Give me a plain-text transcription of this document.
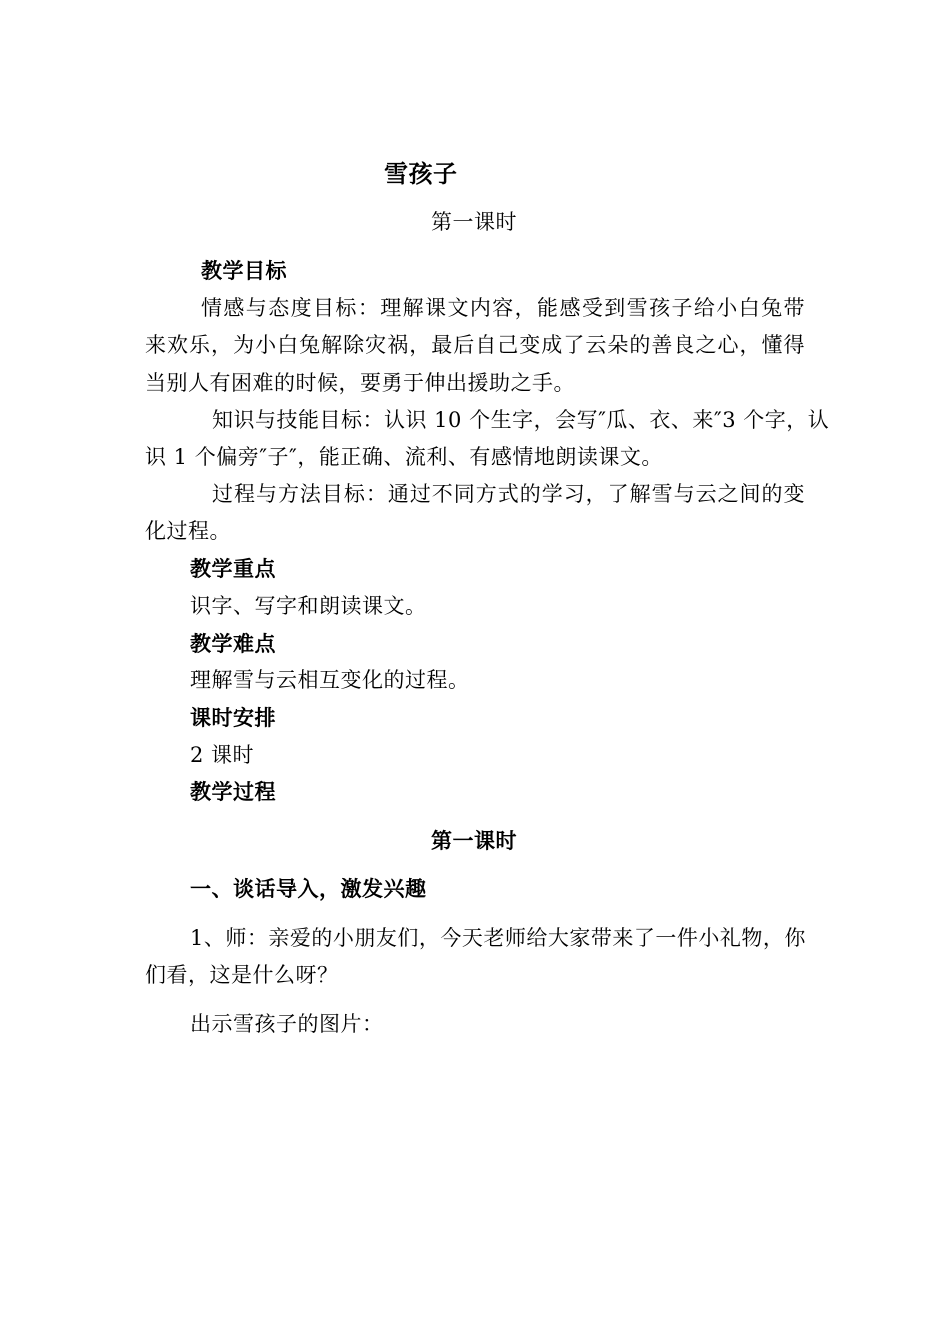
雪孩子
第一课时
教学目标
情感与态度目标：理解课文内容，能感受到雪孩子给小白兔带
来欢乐，为小白兔解除灾祸，最后自己变成了云朵的善良之心，懂得
当别人有困难的时候，要勇于伸出援助之手。
知识与技能目标：认识 10 个生字，会写″瓜、衣、来″3 个字，认
识 1 个偏旁″子″，能正确、流利、有感情地朗读课文。
过程与方法目标：通过不同方式的学习，了解雪与云之间的变
化过程。
教学重点
识字、写字和朗读课文。
教学难点
理解雪与云相互变化的过程。
课时安排
2 课时
教学过程
第一课时
一、谈话导入，激发兴趣
1、师：亲爱的小朋友们，今天老师给大家带来了一件小礼物，你
们看，这是什么呀？
出示雪孩子的图片：
